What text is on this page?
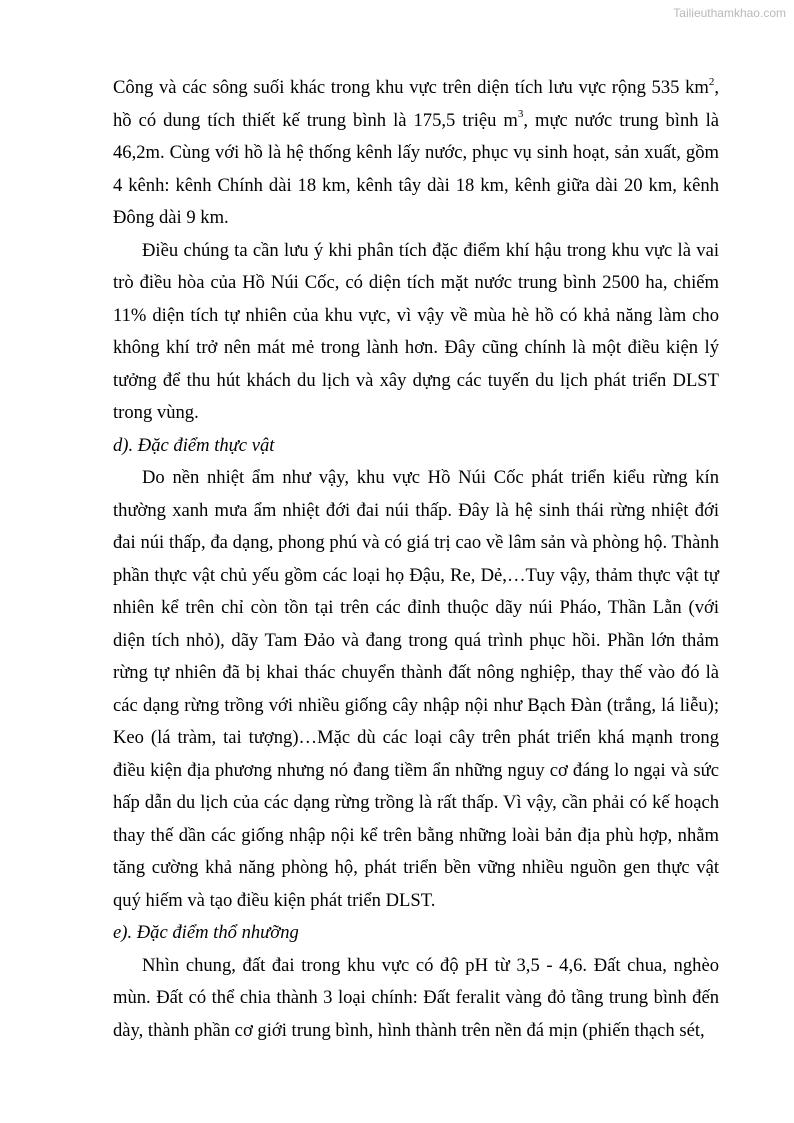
Tailieuthamkhao.com

Công và các sông suối khác trong khu vực trên diện tích lưu vực rộng 535 $km^2$, hồ có dung tích thiết kế trung bình là 175,5 triệu $m^3$, mực nước trung bình là 46,2m. Cùng với hồ là hệ thống kênh lấy nước, phục vụ sinh hoạt, sản xuất, gồm 4 kênh: kênh Chính dài 18 km, kênh tây dài 18 km, kênh giữa dài 20 km, kênh Đông dài 9 km.

Điều chúng ta cần lưu ý khi phân tích đặc điểm khí hậu trong khu vực là vai trò điều hòa của Hồ Núi Cốc, có diện tích mặt nước trung bình 2500 ha, chiếm 11% diện tích tự nhiên của khu vực, vì vậy về mùa hè hồ có khả năng làm cho không khí trở nên mát mẻ trong lành hơn. Đây cũng chính là một điều kiện lý tưởng để thu hút khách du lịch và xây dựng các tuyến du lịch phát triển DLST trong vùng.

d). Đặc điểm thực vật

Do nền nhiệt ẩm như vậy, khu vực Hồ Núi Cốc phát triển kiểu rừng kín thường xanh mưa ẩm nhiệt đới đai núi thấp. Đây là hệ sinh thái rừng nhiệt đới đai núi thấp, đa dạng, phong phú và có giá trị cao về lâm sản và phòng hộ. Thành phần thực vật chủ yếu gồm các loại họ Đậu, Re, Dẻ,…Tuy vậy, thảm thực vật tự nhiên kể trên chỉ còn tồn tại trên các đỉnh thuộc dãy núi Pháo, Thần Lằn (với diện tích nhỏ), dãy Tam Đảo và đang trong quá trình phục hồi. Phần lớn thảm rừng tự nhiên đã bị khai thác chuyển thành đất nông nghiệp, thay thế vào đó là các dạng rừng trồng với nhiều giống cây nhập nội như Bạch Đàn (trắng, lá liễu); Keo (lá tràm, tai tượng)…Mặc dù các loại cây trên phát triển khá mạnh trong điều kiện địa phương nhưng nó đang tiềm ẩn những nguy cơ đáng lo ngại và sức hấp dẫn du lịch của các dạng rừng trồng là rất thấp. Vì vậy, cần phải có kế hoạch thay thế dần các giống nhập nội kể trên bằng những loài bản địa phù hợp, nhằm tăng cường khả năng phòng hộ, phát triển bền vững nhiều nguồn gen thực vật quý hiếm và tạo điều kiện phát triển DLST.

e). Đặc điểm thổ nhưỡng

Nhìn chung, đất đai trong khu vực có độ pH từ 3,5 - 4,6. Đất chua, nghèo mùn. Đất có thể chia thành 3 loại chính: Đất feralit vàng đỏ tầng trung bình đến dày, thành phần cơ giới trung bình, hình thành trên nền đá mịn (phiến thạch sét,
